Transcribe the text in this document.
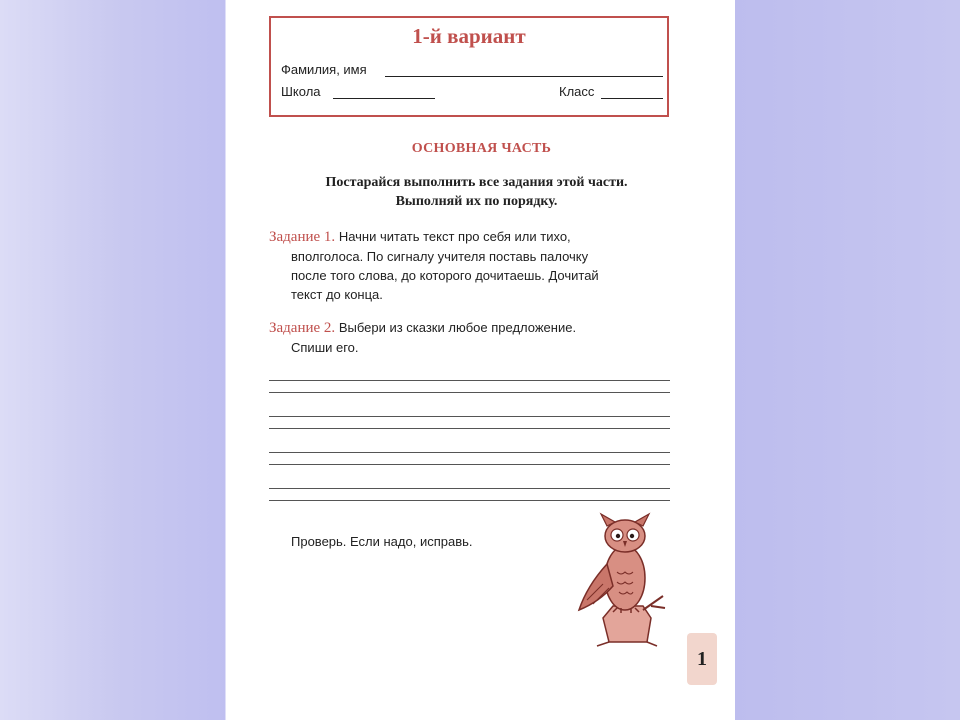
1-й вариант
Фамилия, имя
Школа	Класс
ОСНОВНАЯ ЧАСТЬ
Постарайся выполнить все задания этой части.
Выполняй их по порядку.
Задание 1. Начни читать текст про себя или тихо,
вполголоса. По сигналу учителя поставь палочку
после того слова, до которого дочитаешь. Дочитай
текст до конца.
Задание 2. Выбери из сказки любое предложение.
Спиши его.
Проверь. Если надо, исправь.
1
